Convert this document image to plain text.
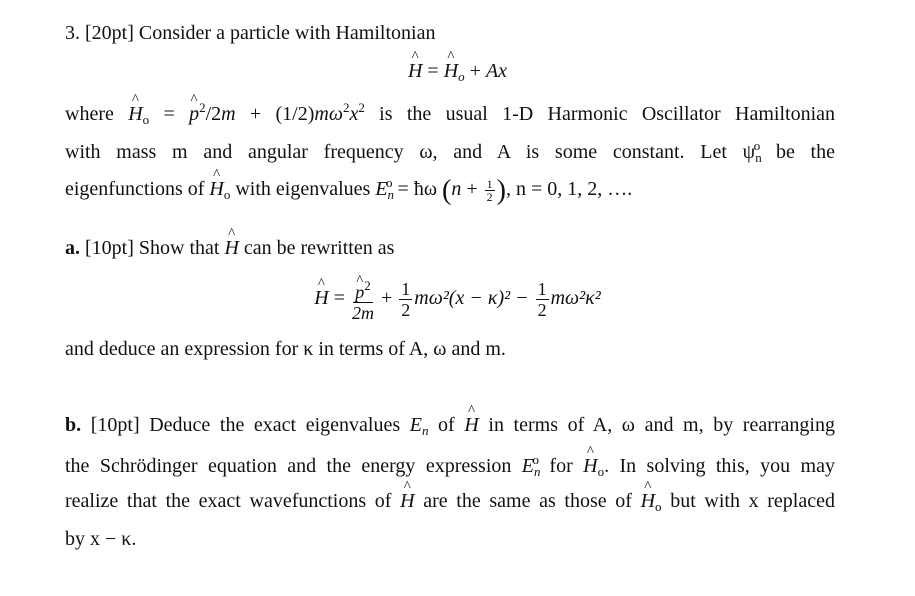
3. [20pt] Consider a particle with Hamiltonian
H ^ = H $\^{}_o + Ax$
where H $\^{}_o = p$ ^$^2$/2m + $(1/2)m\omega^2x^2$ is the usual 1-D Harmonic Oscillator Hamiltonian
with mass m and angular frequency ω, and A is some constant. Let $\psi_n^o$ be the
eigenfunctions of H $\^{}_o$ with eigenvalues $E_n^o$ = ħω ($n + \frac{1}{2}$ ), n = 0, 1, 2, ….
a. [10pt] Show that H ^ can be rewritten as
H ^ = $\frac{p \^{}^2}{2m} + \frac{1}{2} m\omega^2(x - \kappa)^2 - \frac{1}{2} m\omega^2\kappa^2$
and deduce an expression for κ in terms of A, ω and m.
b. [10pt] Deduce the exact eigenvalues $E_n$ of H ^ in terms of A, ω and m, by rearranging
the Schrödinger equation and the energy expression $E_n^o$ for H $\^{}_o$. In solving this, you may
realize that the exact wavefunctions of H ^ are the same as those of H $\^{}_o$ but with x replaced
by x − κ.
